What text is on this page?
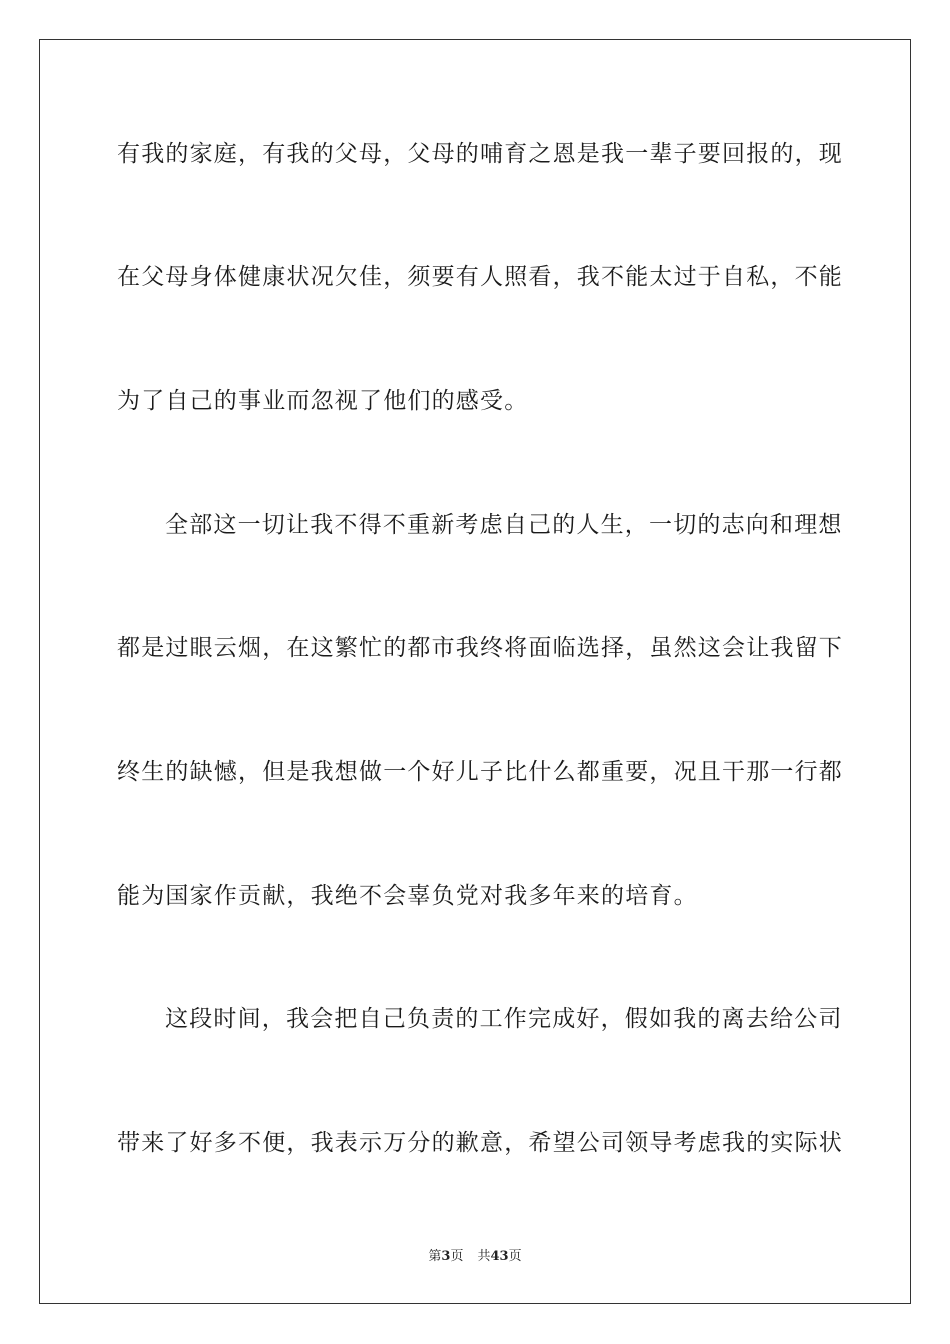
有我的家庭，有我的父母，父母的哺育之恩是我一辈子要回报的，现
在父母身体健康状况欠佳，须要有人照看，我不能太过于自私，不能
为了自己的事业而忽视了他们的感受。
全部这一切让我不得不重新考虑自己的人生，一切的志向和理想
都是过眼云烟，在这繁忙的都市我终将面临选择，虽然这会让我留下
终生的缺憾，但是我想做一个好儿子比什么都重要，况且干那一行都
能为国家作贡献，我绝不会辜负党对我多年来的培育。
这段时间，我会把自己负责的工作完成好，假如我的离去给公司
带来了好多不便，我表示万分的歉意，希望公司领导考虑我的实际状
第3页 共43页
